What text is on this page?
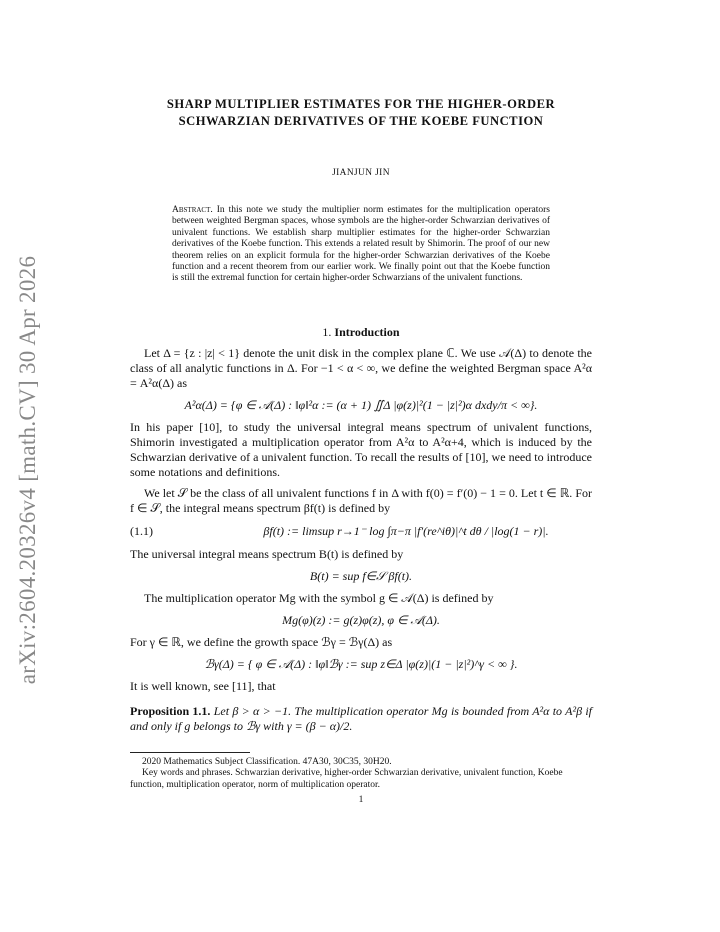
arXiv:2604.20326v4 [math.CV] 30 Apr 2026
SHARP MULTIPLIER ESTIMATES FOR THE HIGHER-ORDER
SCHWARZIAN DERIVATIVES OF THE KOEBE FUNCTION
JIANJUN JIN
Abstract. In this note we study the multiplier norm estimates for the multiplication operators between weighted Bergman spaces, whose symbols are the higher-order Schwarzian derivatives of univalent functions. We establish sharp multiplier estimates for the higher-order Schwarzian derivatives of the Koebe function. This extends a related result by Shimorin. The proof of our new theorem relies on an explicit formula for the higher-order Schwarzian derivatives of the Koebe function and a recent theorem from our earlier work. We finally point out that the Koebe function is still the extremal function for certain higher-order Schwarzians of the univalent functions.
1. Introduction

Let Δ = {z : |z| < 1} denote the unit disk in the complex plane ℂ. We use 𝒜(Δ) to denote the class of all analytic functions in Δ. For −1 < α < ∞, we define the weighted Bergman space A²α = A²α(Δ) as

A²α(Δ) = {φ ∈ 𝒜(Δ) : ‖φ‖²α := (α + 1) ∬Δ |φ(z)|²(1 − |z|²)α dxdy/π < ∞}.

In his paper [10], to study the universal integral means spectrum of univalent functions, Shimorin investigated a multiplication operator from A²α to A²α+4, which is induced by the Schwarzian derivative of a univalent function. To recall the results of [10], we need to introduce some notations and definitions.

We let 𝒮 be the class of all univalent functions f in Δ with f(0) = f′(0) − 1 = 0. Let t ∈ ℝ. For f ∈ 𝒮, the integral means spectrum βf(t) is defined by

(1.1)	βf(t) := limsup r→1⁻ log ∫π−π |f′(re^iθ)|^t dθ / |log(1 − r)|.

The universal integral means spectrum B(t) is defined by

B(t) = sup f∈𝒮 βf(t).

The multiplication operator Mg with the symbol g ∈ 𝒜(Δ) is defined by

Mg(φ)(z) := g(z)φ(z), φ ∈ 𝒜(Δ).

For γ ∈ ℝ, we define the growth space ℬγ = ℬγ(Δ) as

ℬγ(Δ) = { φ ∈ 𝒜(Δ) : ‖φ‖ℬγ := sup z∈Δ |φ(z)|(1 − |z|²)^γ < ∞ }.

It is well known, see [11], that

Proposition 1.1. Let β > α > −1. The multiplication operator Mg is bounded from A²α to A²β if and only if g belongs to ℬγ with γ = (β − α)/2.

2020 Mathematics Subject Classification. 47A30, 30C35, 30H20.

Key words and phrases. Schwarzian derivative, higher-order Schwarzian derivative, univalent function, Koebe function, multiplication operator, norm of multiplication operator.

1
